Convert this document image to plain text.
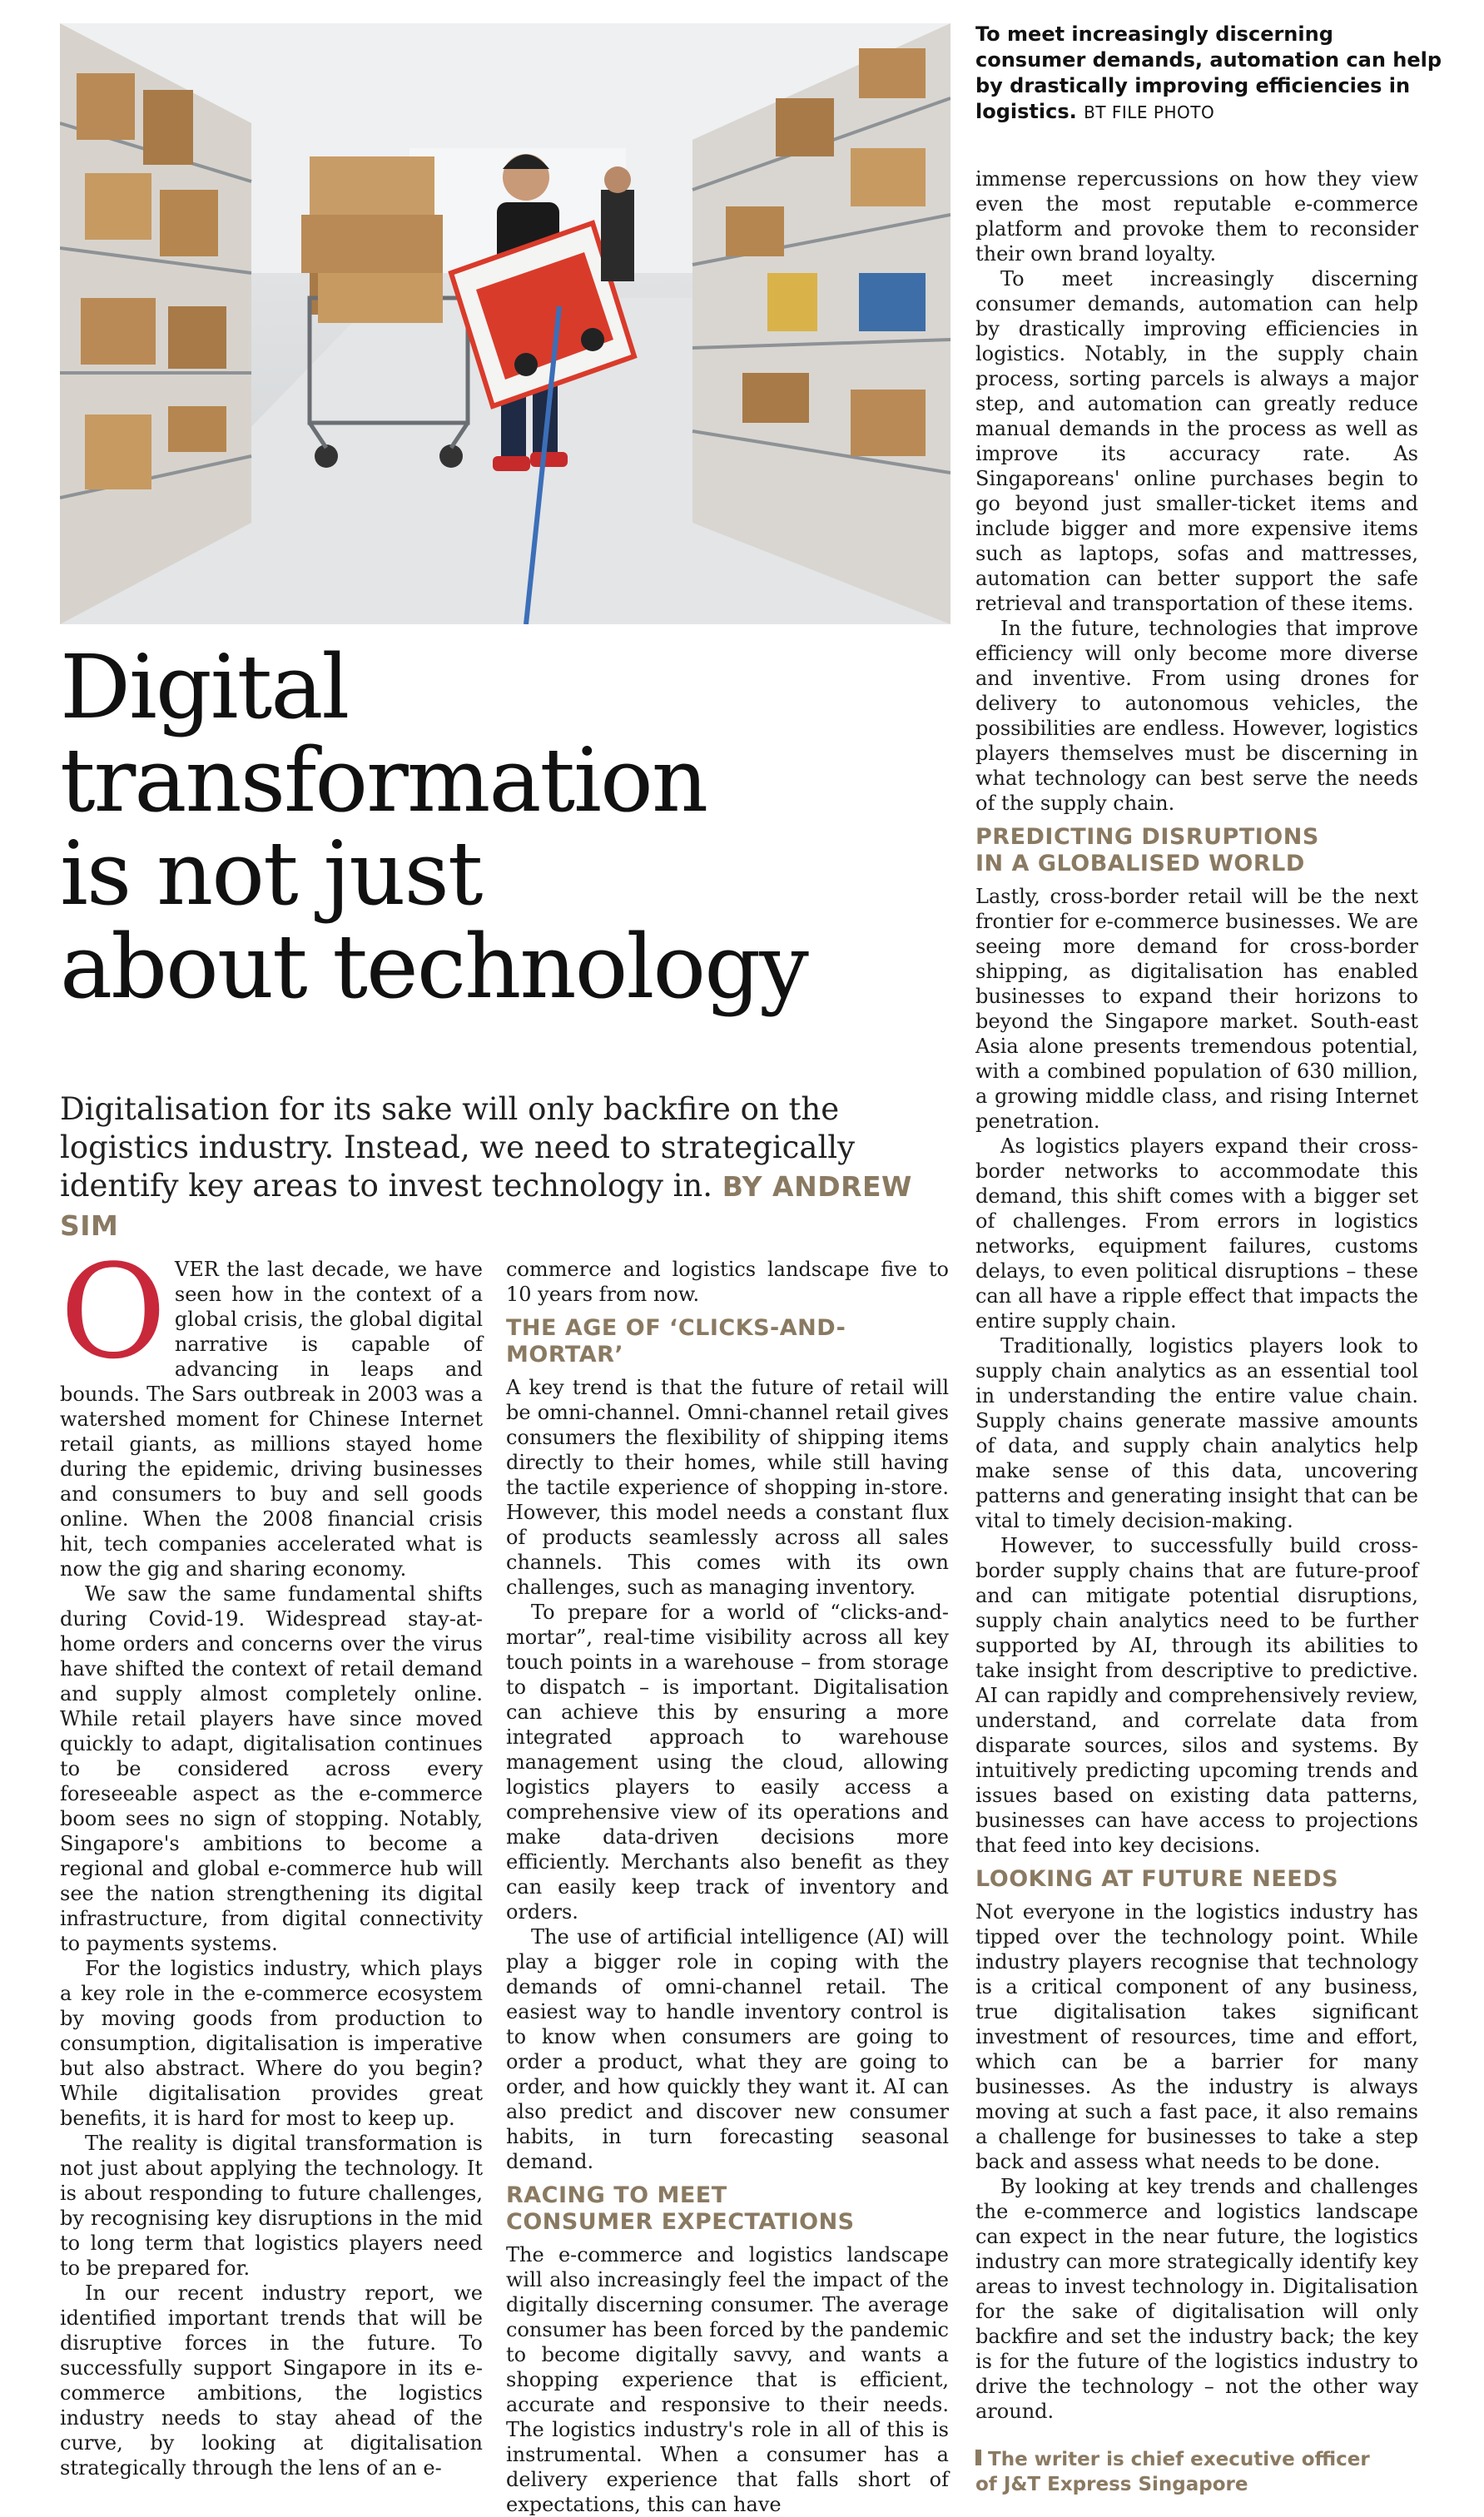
To meet increasingly discerning consumer demands, automation can help by drastically improving efficiencies in logistics. BT FILE PHOTO
Digital
transformation
is not just
about technology
Digitalisation for its sake will only backfire on the logistics industry. Instead, we need to strategically identify key areas to invest technology in. BY ANDREW SIM

OVER the last decade, we have seen how in the context of a global crisis, the global digital narrative is capable of advancing in leaps and bounds. The Sars outbreak in 2003 was a watershed moment for Chinese Internet retail giants, as millions stayed home during the epidemic, driving businesses and consumers to buy and sell goods online. When the 2008 financial crisis hit, tech companies accelerated what is now the gig and sharing economy.

We saw the same fundamental shifts during Covid-19. Widespread stay-at-home orders and concerns over the virus have shifted the context of retail demand and supply almost completely online. While retail players have since moved quickly to adapt, digitalisation continues to be considered across every foreseeable aspect as the e-commerce boom sees no sign of stopping. Notably, Singapore's ambitions to become a regional and global e-commerce hub will see the nation strengthening its digital infrastructure, from digital connectivity to payments systems.

For the logistics industry, which plays a key role in the e-commerce ecosystem by moving goods from production to consumption, digitalisation is imperative but also abstract. Where do you begin? While digitalisation provides great benefits, it is hard for most to keep up.

The reality is digital transformation is not just about applying the technology. It is about responding to future challenges, by recognising key disruptions in the mid to long term that logistics players need to be prepared for.

In our recent industry report, we identified important trends that will be disruptive forces in the future. To successfully support Singapore in its e-commerce ambitions, the logistics industry needs to stay ahead of the curve, by looking at digitalisation strategically through the lens of an e-

commerce and logistics landscape five to 10 years from now.

THE AGE OF ‘CLICKS-AND-MORTAR’

A key trend is that the future of retail will be omni-channel. Omni-channel retail gives consumers the flexibility of shipping items directly to their homes, while still having the tactile experience of shopping in-store. However, this model needs a constant flux of products seamlessly across all sales channels. This comes with its own challenges, such as managing inventory.

To prepare for a world of “clicks-and-mortar”, real-time visibility across all key touch points in a warehouse – from storage to dispatch – is important. Digitalisation can achieve this by ensuring a more integrated approach to warehouse management using the cloud, allowing logistics players to easily access a comprehensive view of its operations and make data-driven decisions more efficiently. Merchants also benefit as they can easily keep track of inventory and orders.

The use of artificial intelligence (AI) will play a bigger role in coping with the demands of omni-channel retail. The easiest way to handle inventory control is to know when consumers are going to order a product, what they are going to order, and how quickly they want it. AI can also predict and discover new consumer habits, in turn forecasting seasonal demand.

RACING TO MEET
CONSUMER EXPECTATIONS

The e-commerce and logistics landscape will also increasingly feel the impact of the digitally discerning consumer. The average consumer has been forced by the pandemic to become digitally savvy, and wants a shopping experience that is efficient, accurate and responsive to their needs. The logistics industry's role in all of this is instrumental. When a consumer has a delivery experience that falls short of expectations, this can have

immense repercussions on how they view even the most reputable e-commerce platform and provoke them to reconsider their own brand loyalty.

To meet increasingly discerning consumer demands, automation can help by drastically improving efficiencies in logistics. Notably, in the supply chain process, sorting parcels is always a major step, and automation can greatly reduce manual demands in the process as well as improve its accuracy rate. As Singaporeans' online purchases begin to go beyond just smaller-ticket items and include bigger and more expensive items such as laptops, sofas and mattresses, automation can better support the safe retrieval and transportation of these items.

In the future, technologies that improve efficiency will only become more diverse and inventive. From using drones for delivery to autonomous vehicles, the possibilities are endless. However, logistics players themselves must be discerning in what technology can best serve the needs of the supply chain.

PREDICTING DISRUPTIONS
IN A GLOBALISED WORLD

Lastly, cross-border retail will be the next frontier for e-commerce businesses. We are seeing more demand for cross-border shipping, as digitalisation has enabled businesses to expand their horizons to beyond the Singapore market. South-east Asia alone presents tremendous potential, with a combined population of 630 million, a growing middle class, and rising Internet penetration.

As logistics players expand their cross-border networks to accommodate this demand, this shift comes with a bigger set of challenges. From errors in logistics networks, equipment failures, customs delays, to even political disruptions – these can all have a ripple effect that impacts the entire supply chain.

Traditionally, logistics players look to supply chain analytics as an essential tool in understanding the entire value chain. Supply chains generate massive amounts of data, and supply chain analytics help make sense of this data, uncovering patterns and generating insight that can be vital to timely decision-making.

However, to successfully build cross-border supply chains that are future-proof and can mitigate potential disruptions, supply chain analytics need to be further supported by AI, through its abilities to take insight from descriptive to predictive. AI can rapidly and comprehensively review, understand, and correlate data from disparate sources, silos and systems. By intuitively predicting upcoming trends and issues based on existing data patterns, businesses can have access to projections that feed into key decisions.

LOOKING AT FUTURE NEEDS

Not everyone in the logistics industry has tipped over the technology point. While industry players recognise that technology is a critical component of any business, true digitalisation takes significant investment of resources, time and effort, which can be a barrier for many businesses. As the industry is always moving at such a fast pace, it also remains a challenge for businesses to take a step back and assess what needs to be done.

By looking at key trends and challenges the e-commerce and logistics landscape can expect in the near future, the logistics industry can more strategically identify key areas to invest technology in. Digitalisation for the sake of digitalisation will only backfire and set the industry back; the key is for the future of the logistics industry to drive the technology – not the other way around.

The writer is chief executive officer
of J&T Express Singapore
